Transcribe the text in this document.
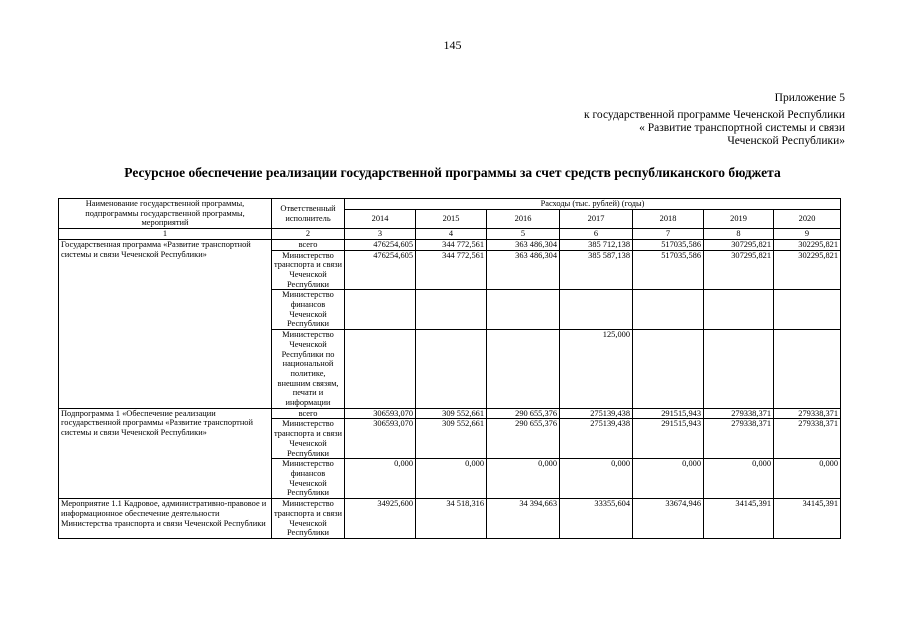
145
Приложение 5
к государственной программе Чеченской Республики
« Развитие транспортной системы и связи
Чеченской Республики»
Ресурсное обеспечение реализации государственной программы за счет средств республиканского бюджета
Наименование государственной программы, подпрограммы государственной программы, мероприятий	Ответственный исполнитель	Расходы (тыс. рублей) (годы)						
		2014	2015	2016	2017	2018	2019	2020
1	2	3	4	5	6	7	8	9
Государственная программа «Развитие транспортной системы и связи Чеченской Республики»	всего	476254,605	344 772,561	363 486,304	385 712,138	517035,586	307295,821	302295,821
	Министерство транспорта и связи Чеченской Республики	476254,605	344 772,561	363 486,304	385 587,138	517035,586	307295,821	302295,821
	Министерство финансов Чеченской Республики							
	Министерство Чеченской Республики по национальной политике, внешним связям, печати и информации				125,000			
Подпрограмма 1 «Обеспечение реализации государственной программы «Развитие транспортной системы и связи Чеченской Республики»	всего	306593,070	309 552,661	290 655,376	275139,438	291515,943	279338,371	279338,371
	Министерство транспорта и связи Чеченской Республики	306593,070	309 552,661	290 655,376	275139,438	291515,943	279338,371	279338,371
	Министерство финансов Чеченской Республики	0,000	0,000	0,000	0,000	0,000	0,000	0,000
Мероприятие 1.1 Кадровое, административно-правовое и информационное обеспечение деятельности Министерства транспорта и связи Чеченской Республики	Министерство транспорта и связи Чеченской Республики	34925,600	34 518,316	34 394,663	33355,604	33674,946	34145,391	34145,391
